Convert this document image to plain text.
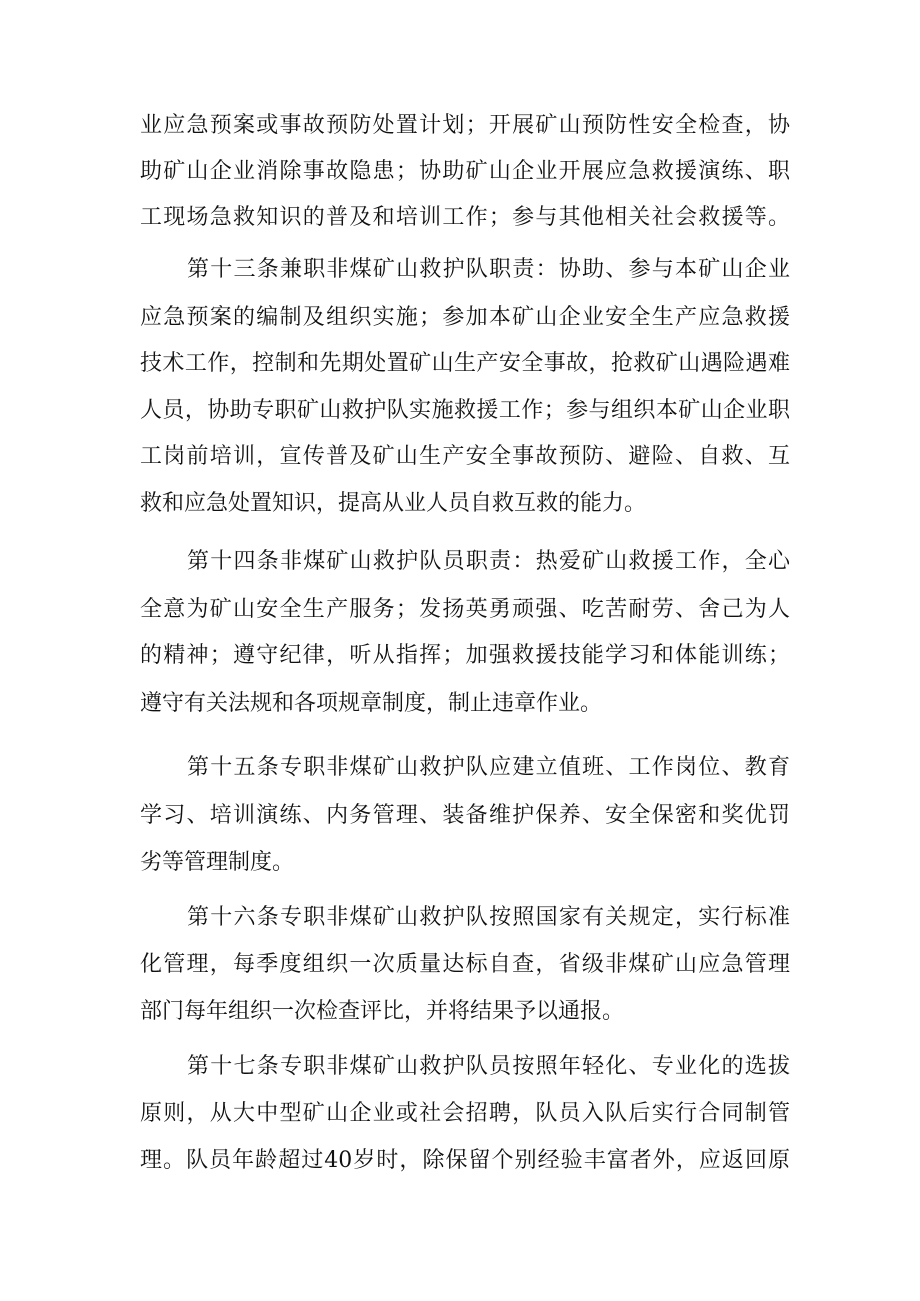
业应急预案或事故预防处置计划；开展矿山预防性安全检查，协
助矿山企业消除事故隐患；协助矿山企业开展应急救援演练、职
工现场急救知识的普及和培训工作；参与其他相关社会救援等。
第十三条兼职非煤矿山救护队职责：协助、参与本矿山企业
应急预案的编制及组织实施；参加本矿山企业安全生产应急救援
技术工作，控制和先期处置矿山生产安全事故，抢救矿山遇险遇难
人员，协助专职矿山救护队实施救援工作；参与组织本矿山企业职
工岗前培训，宣传普及矿山生产安全事故预防、避险、自救、互
救和应急处置知识，提高从业人员自救互救的能力。
第十四条非煤矿山救护队员职责：热爱矿山救援工作，全心
全意为矿山安全生产服务；发扬英勇顽强、吃苦耐劳、舍己为人
的精神；遵守纪律，听从指挥；加强救援技能学习和体能训练；
遵守有关法规和各项规章制度，制止违章作业。
第十五条专职非煤矿山救护队应建立值班、工作岗位、教育
学习、培训演练、内务管理、装备维护保养、安全保密和奖优罚
劣等管理制度。
第十六条专职非煤矿山救护队按照国家有关规定，实行标准
化管理，每季度组织一次质量达标自查，省级非煤矿山应急管理
部门每年组织一次检查评比，并将结果予以通报。
第十七条专职非煤矿山救护队员按照年轻化、专业化的选拔
原则，从大中型矿山企业或社会招聘，队员入队后实行合同制管
理。队员年龄超过40岁时，除保留个别经验丰富者外，应返回原
